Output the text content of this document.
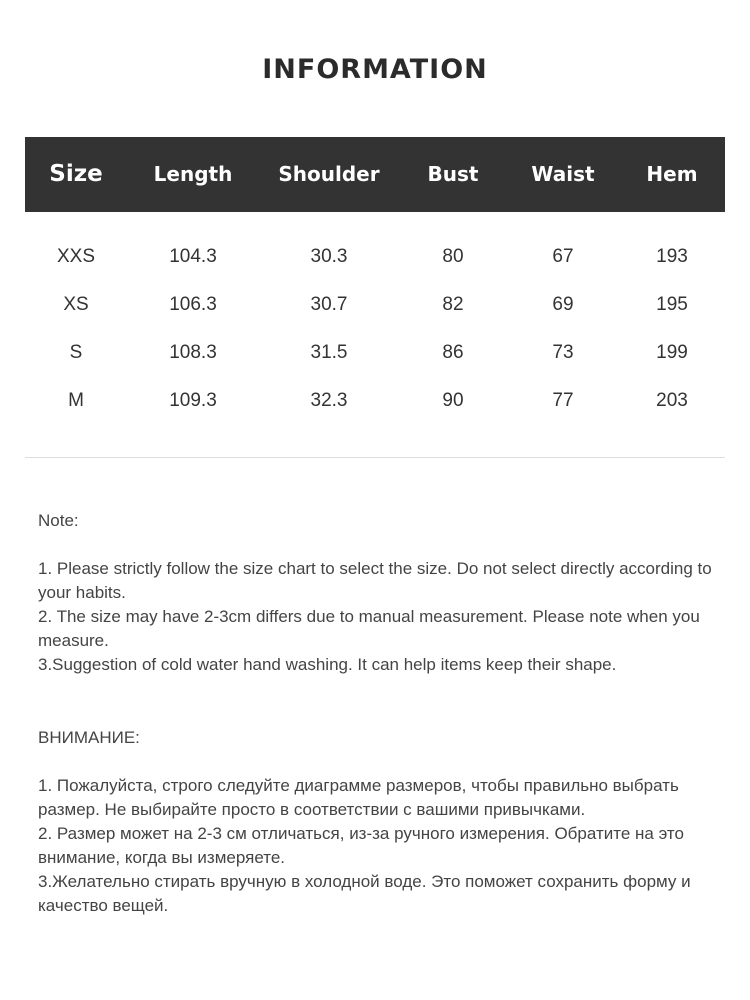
INFORMATION
Size	Length Shoulder Bust	Waist	Hem
XXS	104.3	30.3	80	67	193
XS	106.3	30.7	82	69	195
S	108.3	31.5	86	73	199
M	109.3	32.3	90	77	203
Note:

1. Please strictly follow the size chart to select the size. Do not select directly according to your habits.

2. The size may have 2-3cm differs due to manual measurement. Please note when you measure.

3.Suggestion of cold water hand washing. It can help items keep their shape.

ВНИМАНИЕ:

1. Пожалуйста, строго следуйте диаграмме размеров, чтобы правильно выбрать размер. Не выбирайте просто в соответствии с вашими привычками.

2. Размер может на 2-3 см отличаться, из-за ручного измерения. Обратите на это внимание, когда вы измеряете.

3.Желательно стирать вручную в холодной воде. Это поможет сохранить форму и качество вещей.
